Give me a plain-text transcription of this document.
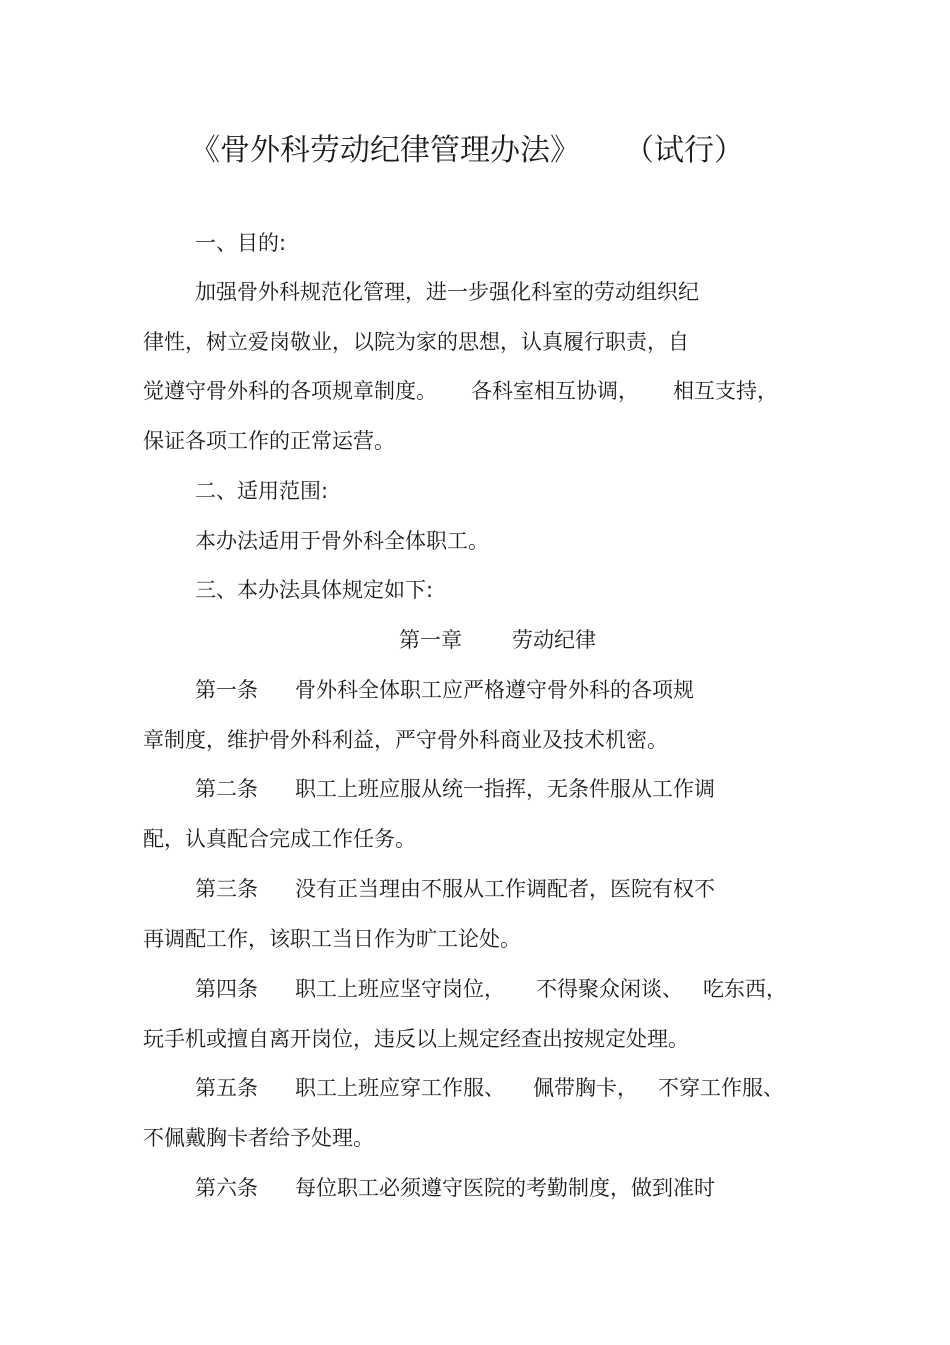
《骨外科劳动纪律管理办法》 （试行）
一、目的:
加强骨外科规范化管理，进一步强化科室的劳动组织纪
律性，树立爱岗敬业，以院为家的思想，认真履行职责，自
觉遵守骨外科的各项规章制度。 各科室相互协调， 相互支持，
保证各项工作的正常运营。
二、适用范围:
本办法适用于骨外科全体职工。
三、本办法具体规定如下:
第一章 劳动纪律
第一条 骨外科全体职工应严格遵守骨外科的各项规
章制度，维护骨外科利益，严守骨外科商业及技术机密。
第二条 职工上班应服从统一指挥，无条件服从工作调
配，认真配合完成工作任务。
第三条 没有正当理由不服从工作调配者，医院有权不
再调配工作，该职工当日作为旷工论处。
第四条 职工上班应坚守岗位， 不得聚众闲谈、 吃东西，
玩手机或擅自离开岗位，违反以上规定经查出按规定处理。
第五条 职工上班应穿工作服、 佩带胸卡， 不穿工作服、
不佩戴胸卡者给予处理。
第六条 每位职工必须遵守医院的考勤制度，做到准时
